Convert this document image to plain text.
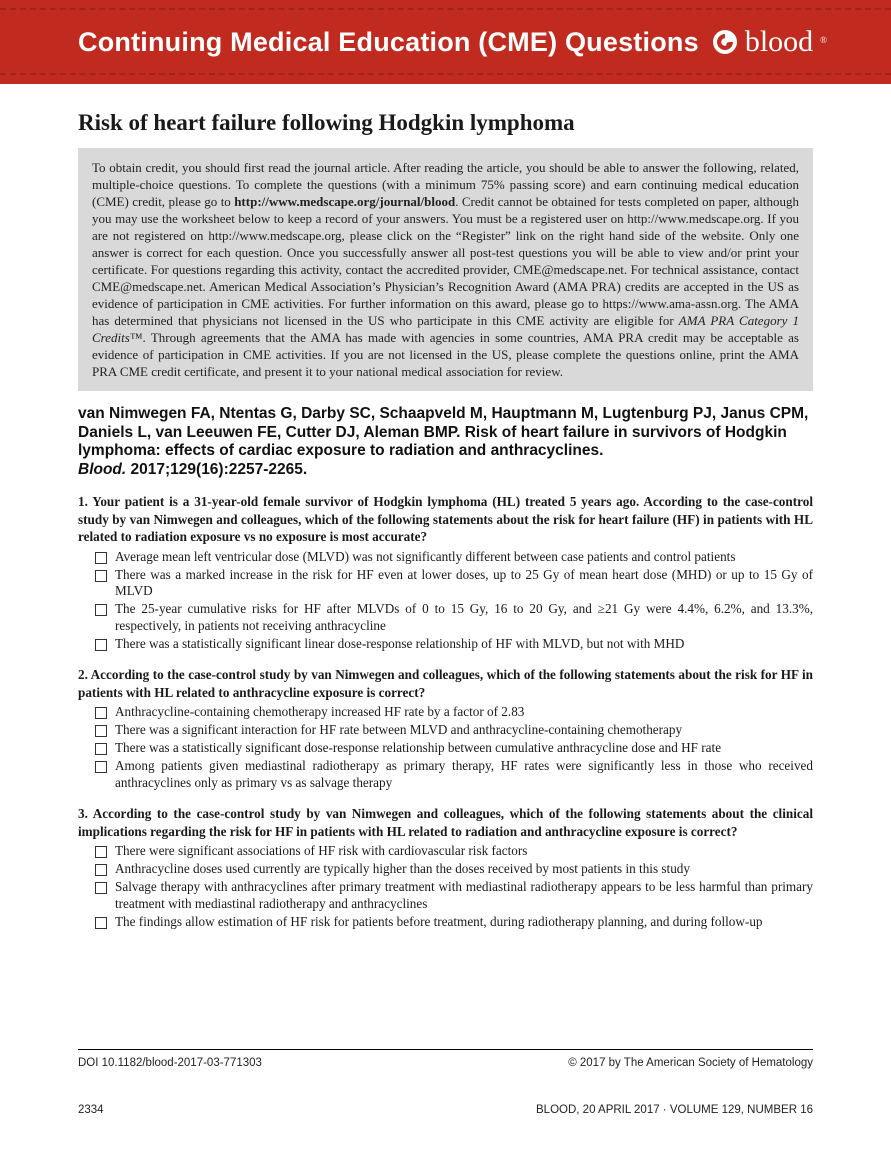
Continuing Medical Education (CME) Questions blood ®
Risk of heart failure following Hodgkin lymphoma

To obtain credit, you should first read the journal article. After reading the article, you should be able to answer the following, related, multiple-choice questions. To complete the questions (with a minimum 75% passing score) and earn continuing medical education (CME) credit, please go to http://www.medscape.org/journal/blood. Credit cannot be obtained for tests completed on paper, although you may use the worksheet below to keep a record of your answers. You must be a registered user on http://www.medscape.org. If you are not registered on http://www.medscape.org, please click on the “Register” link on the right hand side of the website. Only one answer is correct for each question. Once you successfully answer all post-test questions you will be able to view and/or print your certificate. For questions regarding this activity, contact the accredited provider, CME@medscape.net. For technical assistance, contact CME@medscape.net. American Medical Association’s Physician’s Recognition Award (AMA PRA) credits are accepted in the US as evidence of participation in CME activities. For further information on this award, please go to https://www.ama-assn.org. The AMA has determined that physicians not licensed in the US who participate in this CME activity are eligible for AMA PRA Category 1 Credits™. Through agreements that the AMA has made with agencies in some countries, AMA PRA credit may be acceptable as evidence of participation in CME activities. If you are not licensed in the US, please complete the questions online, print the AMA PRA CME credit certificate, and present it to your national medical association for review.

van Nimwegen FA, Ntentas G, Darby SC, Schaapveld M, Hauptmann M, Lugtenburg PJ, Janus CPM, Daniels L, van Leeuwen FE, Cutter DJ, Aleman BMP. Risk of heart failure in survivors of Hodgkin lymphoma: effects of cardiac exposure to radiation and anthracyclines.
Blood. 2017;129(16):2257-2265.

1. Your patient is a 31-year-old female survivor of Hodgkin lymphoma (HL) treated 5 years ago. According to the case-control study by van Nimwegen and colleagues, which of the following statements about the risk for heart failure (HF) in patients with HL related to radiation exposure vs no exposure is most accurate?

Average mean left ventricular dose (MLVD) was not significantly different between case patients and control patients
There was a marked increase in the risk for HF even at lower doses, up to 25 Gy of mean heart dose (MHD) or up to 15 Gy of MLVD
The 25-year cumulative risks for HF after MLVDs of 0 to 15 Gy, 16 to 20 Gy, and ≥21 Gy were 4.4%, 6.2%, and 13.3%, respectively, in patients not receiving anthracycline
There was a statistically significant linear dose-response relationship of HF with MLVD, but not with MHD

2. According to the case-control study by van Nimwegen and colleagues, which of the following statements about the risk for HF in patients with HL related to anthracycline exposure is correct?

Anthracycline-containing chemotherapy increased HF rate by a factor of 2.83
There was a significant interaction for HF rate between MLVD and anthracycline-containing chemotherapy
There was a statistically significant dose-response relationship between cumulative anthracycline dose and HF rate
Among patients given mediastinal radiotherapy as primary therapy, HF rates were significantly less in those who received anthracyclines only as primary vs as salvage therapy

3. According to the case-control study by van Nimwegen and colleagues, which of the following statements about the clinical implications regarding the risk for HF in patients with HL related to radiation and anthracycline exposure is correct?

There were significant associations of HF risk with cardiovascular risk factors
Anthracycline doses used currently are typically higher than the doses received by most patients in this study
Salvage therapy with anthracyclines after primary treatment with mediastinal radiotherapy appears to be less harmful than primary treatment with mediastinal radiotherapy and anthracyclines
The findings allow estimation of HF risk for patients before treatment, during radiotherapy planning, and during follow-up
DOI 10.1182/blood-2017-03-771303	© 2017 by The American Society of Hematology
2334	BLOOD, 20 APRIL 2017 · VOLUME 129, NUMBER 16
